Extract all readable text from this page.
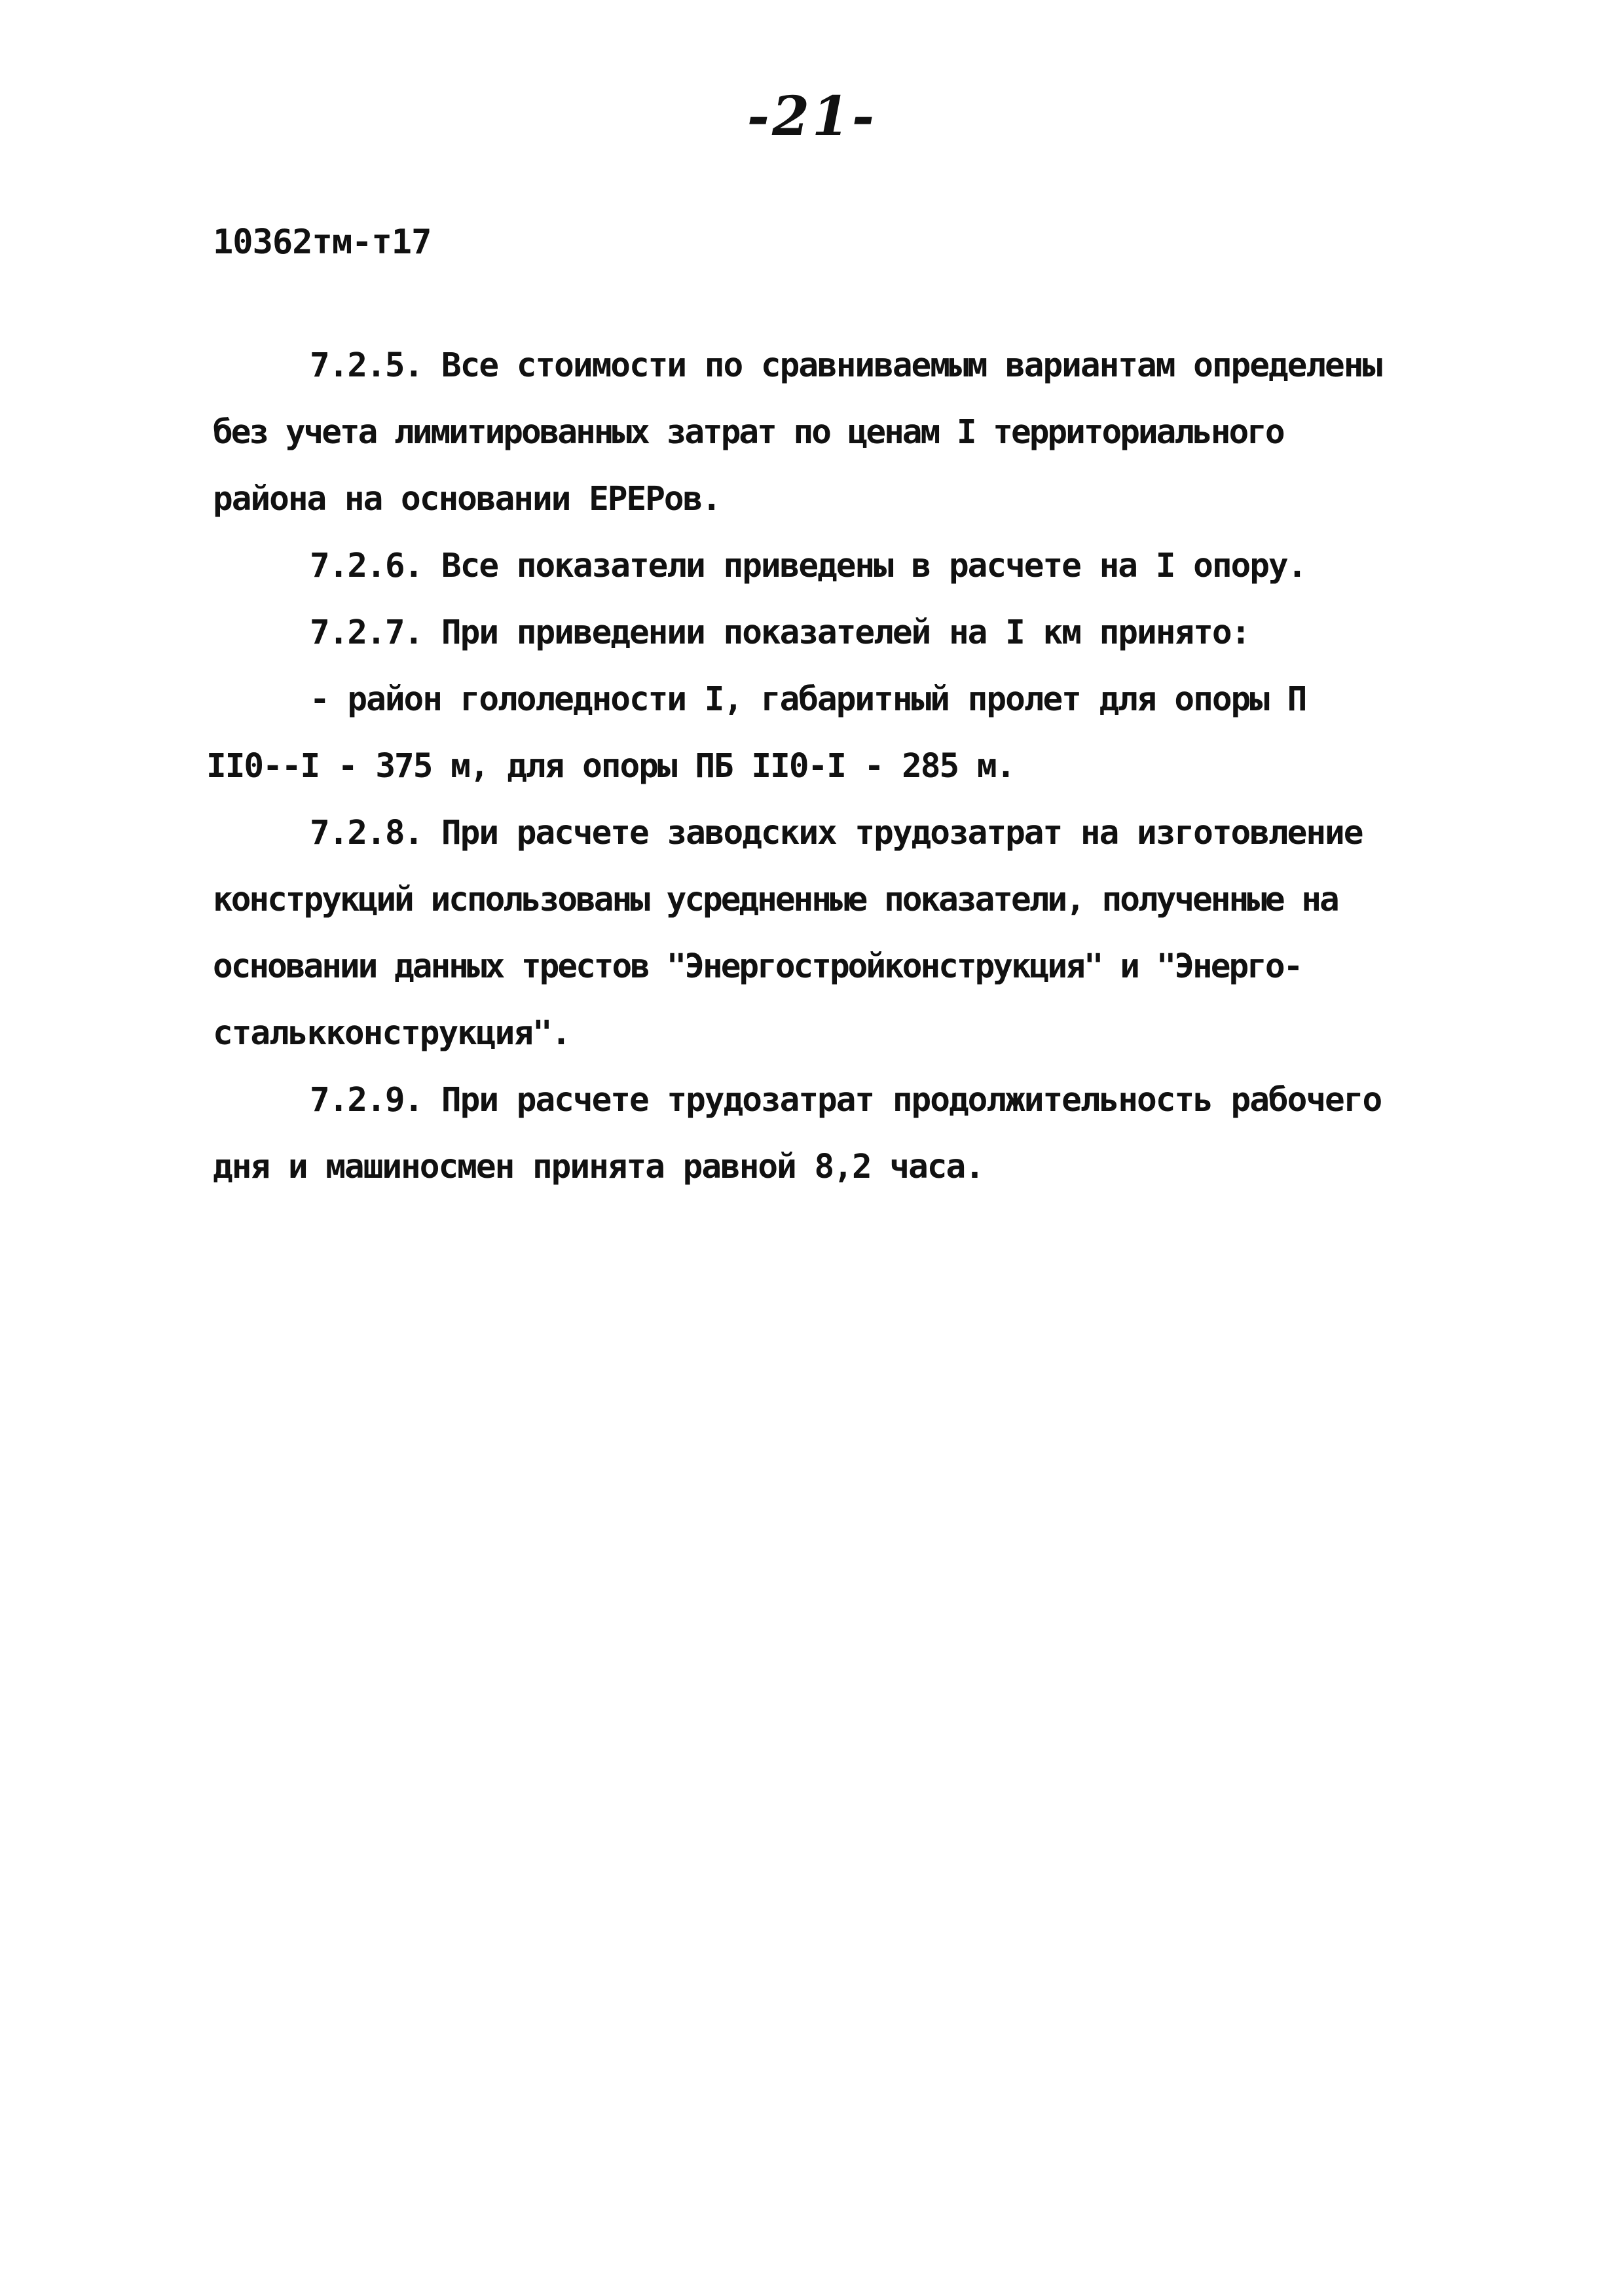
-21-
10362тм-т17
7.2.5. Все стоимости по сравниваемым вариантам определены
без учета лимитированных затрат по ценам I территориального
района на основании ЕРЕРов.
7.2.6. Все показатели приведены в расчете на I опору.
7.2.7. При приведении показателей на I км принято:
- район гололедности I, габаритный пролет для опоры П
II0--I - 375 м, для опоры ПБ II0-I - 285 м.
7.2.8. При расчете заводских трудозатрат на изготовление
конструкций использованы усредненные показатели, полученные на
основании данных трестов "Энергостройконструкция" и "Энерго-
сталькконструкция".
7.2.9. При расчете трудозатрат продолжительность рабочего
дня и машиносмен принята равной 8,2 часа.
